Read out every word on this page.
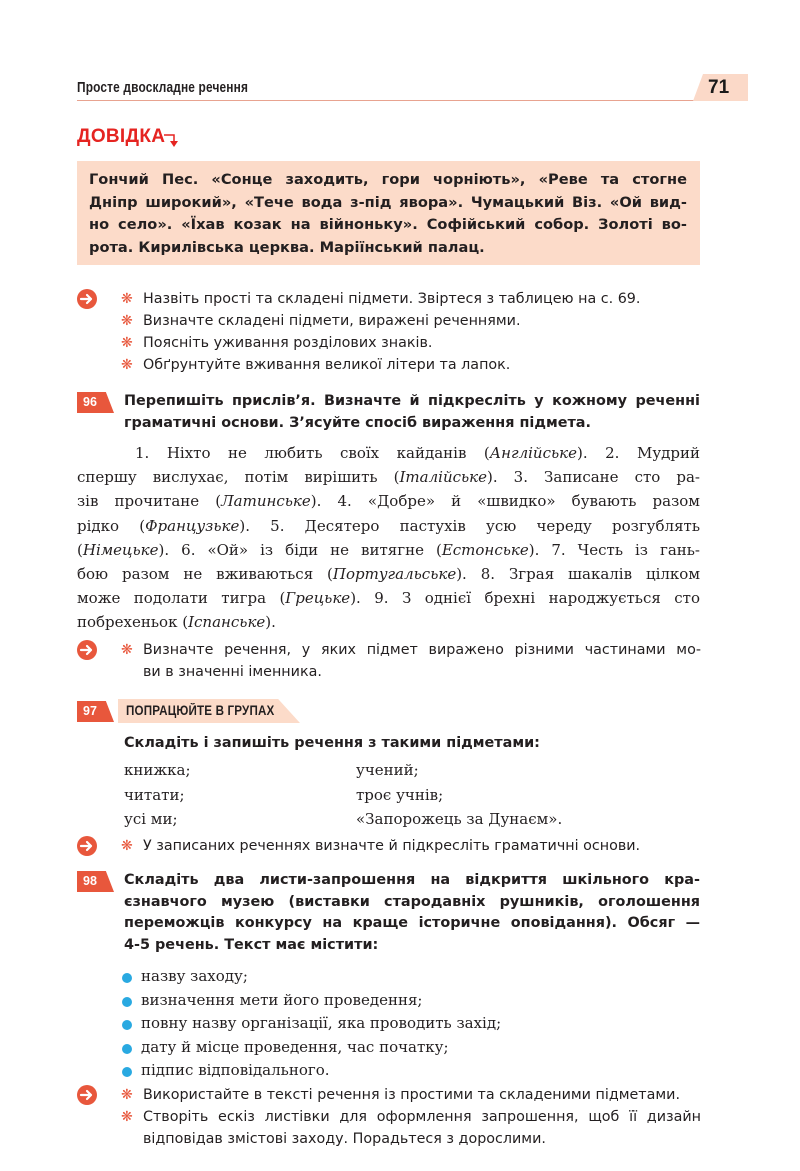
Просте двоскладне речення	71
ДОВІДКА
Гончий Пес. «Сонце заходить, гори чорніють», «Реве та стогне
Дніпр широкий», «Тече вода з-під явора». Чумацький Віз. «Ой вид-
но село». «Їхав козак на війноньку». Софійський собор. Золоті во-
рота. Кирилівська церква. Маріїнський палац.
❋ Назвіть прості та складені підмети. Звіртеся з таблицею на с. 69.
❋ Визначте складені підмети, виражені реченнями.
❋ Поясніть уживання розділових знаків.
❋ Обґрунтуйте вживання великої літери та лапок.
96 Перепишіть прислів’я. Визначте й підкресліть у кожному реченні
граматичні основи. З’ясуйте спосіб вираження підмета.
1. Ніхто не любить своїх кайданів (Англійське). 2. Мудрий
спершу вислухає, потім вирішить (Італійське). 3. Записане сто ра-
зів прочитане (Латинське). 4. «Добре» й «швидко» бувають разом
рідко (Французьке). 5. Десятеро пастухів усю череду розгублять
(Німецьке). 6. «Ой» із біди не витягне (Естонське). 7. Честь із гань-
бою разом не вживаються (Португальське). 8. Зграя шакалів цілком
може подолати тигра (Грецьке). 9. З однієї брехні народжується сто
побрехеньок (Іспанське).
❋ Визначте речення, у яких підмет виражено різними частинами мо-
ви в значенні іменника.
97 ПОПРАЦЮЙТЕ В ГРУПАХ
Складіть і запишіть речення з такими підметами:
книжка;	учений;
читати;	троє учнів;
усі ми;	«Запорожець за Дунаєм».
❋ У записаних реченнях визначте й підкресліть граматичні основи.
98 Складіть два листи-запрошення на відкриття шкільного кра-
єзнавчого музею (виставки стародавніх рушників, оголошення
переможців конкурсу на краще історичне оповідання). Обсяг —
4-5 речень. Текст має містити:
назву заходу;
визначення мети його проведення;
повну назву організації, яка проводить захід;
дату й місце проведення, час початку;
підпис відповідального.
❋ Використайте в тексті речення із простими та складеними підметами.
❋ Створіть ескіз листівки для оформлення запрошення, щоб її дизайн
відповідав змістові заходу. Порадьтеся з дорослими.
